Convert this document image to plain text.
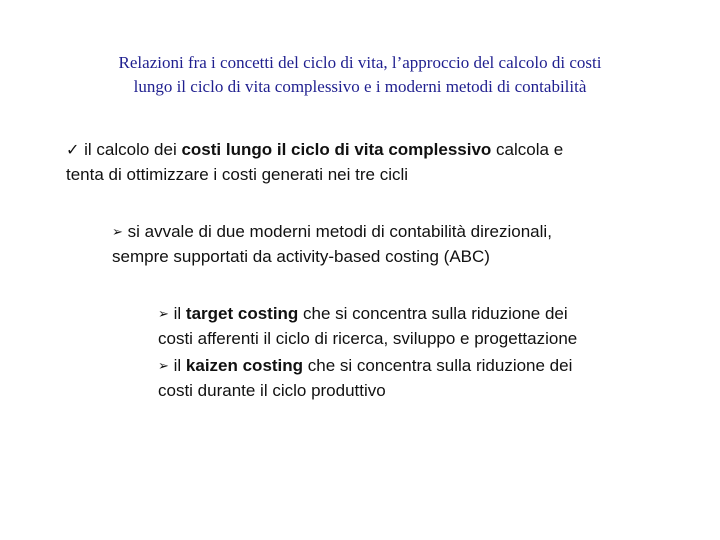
Relazioni fra i concetti del ciclo di vita, l’approccio del calcolo di costi
lungo il ciclo di vita complessivo e i moderni metodi di contabilità
✓ il calcolo dei costi lungo il ciclo di vita complessivo calcola e
tenta di ottimizzare i costi generati nei tre cicli
➢ si avvale di due moderni metodi di contabilità direzionali,
sempre supportati da activity-based costing (ABC)
➢ il target costing che si concentra sulla riduzione dei
costi afferenti il ciclo di ricerca, sviluppo e progettazione
➢ il kaizen costing che si concentra sulla riduzione dei
costi durante il ciclo produttivo
